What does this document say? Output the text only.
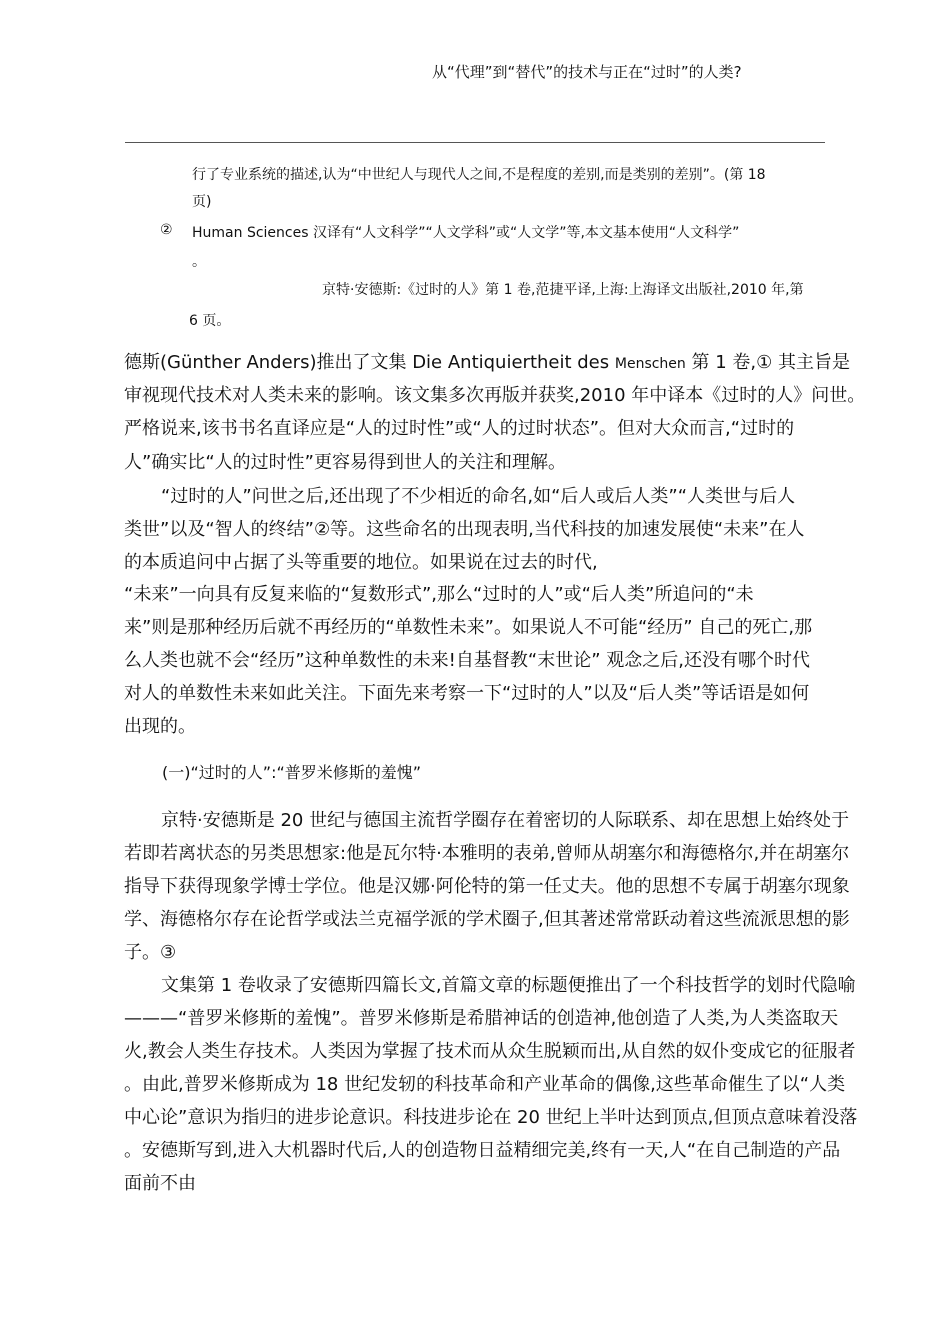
从“代理”到“替代”的技术与正在“过时”的人类?
行了专业系统的描述,认为“中世纪人与现代人之间,不是程度的差别,而是类别的差别”。(第 18
页)
② Human Sciences 汉译有“人文科学”“人文学科”或“人文学”等,本文基本使用“人文科学”
。
京特·安德斯:《过时的人》第 1 卷,范捷平译,上海:上海译文出版社,2010 年,第
6 页。
德斯(Günther Anders)推出了文集 Die Antiquiertheit des Menschen 第 1 卷,① 其主旨是
审视现代技术对人类未来的影响。该文集多次再版并获奖,2010 年中译本《过时的人》问世。
严格说来,该书书名直译应是“人的过时性”或“人的过时状态”。但对大众而言,“过时的
人”确实比“人的过时性”更容易得到世人的关注和理解。
“过时的人”问世之后,还出现了不少相近的命名,如“后人或后人类”“人类世与后人
类世”以及“智人的终结”②等。这些命名的出现表明,当代科技的加速发展使“未来”在人
的本质追问中占据了头等重要的地位。如果说在过去的时代,
“未来”一向具有反复来临的“复数形式”,那么“过时的人”或“后人类”所追问的“未
来”则是那种经历后就不再经历的“单数性未来”。如果说人不可能“经历” 自己的死亡,那
么人类也就不会“经历”这种单数性的未来!自基督教“末世论” 观念之后,还没有哪个时代
对人的单数性未来如此关注。下面先来考察一下“过时的人”以及“后人类”等话语是如何
出现的。
(一)“过时的人”:“普罗米修斯的羞愧”
京特·安德斯是 20 世纪与德国主流哲学圈存在着密切的人际联系、却在思想上始终处于
若即若离状态的另类思想家:他是瓦尔特·本雅明的表弟,曾师从胡塞尔和海德格尔,并在胡塞尔
指导下获得现象学博士学位。他是汉娜·阿伦特的第一任丈夫。他的思想不专属于胡塞尔现象
学、海德格尔存在论哲学或法兰克福学派的学术圈子,但其著述常常跃动着这些流派思想的影
子。③
文集第 1 卷收录了安德斯四篇长文,首篇文章的标题便推出了一个科技哲学的划时代隐喻
———“普罗米修斯的羞愧”。普罗米修斯是希腊神话的创造神,他创造了人类,为人类盗取天
火,教会人类生存技术。人类因为掌握了技术而从众生脱颖而出,从自然的奴仆变成它的征服者
。由此,普罗米修斯成为 18 世纪发轫的科技革命和产业革命的偶像,这些革命催生了以“人类
中心论”意识为指归的进步论意识。科技进步论在 20 世纪上半叶达到顶点,但顶点意味着没落
。安德斯写到,进入大机器时代后,人的创造物日益精细完美,终有一天,人“在自己制造的产品
面前不由
